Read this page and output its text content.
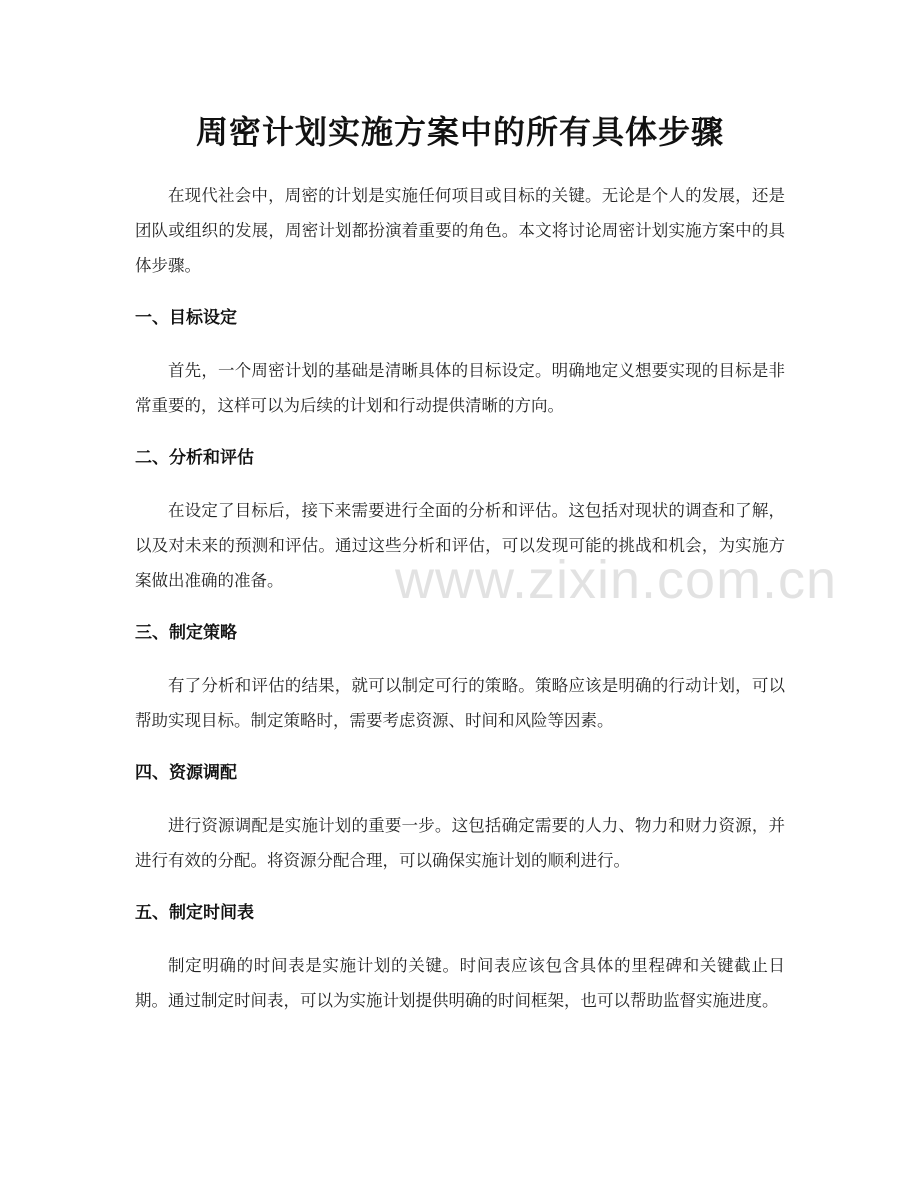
周密计划实施方案中的所有具体步骤

在现代社会中，周密的计划是实施任何项目或目标的关键。无论是个人的发展，还是团队或组织的发展，周密计划都扮演着重要的角色。本文将讨论周密计划实施方案中的具体步骤。

一、目标设定

首先，一个周密计划的基础是清晰具体的目标设定。明确地定义想要实现的目标是非常重要的，这样可以为后续的计划和行动提供清晰的方向。

二、分析和评估

在设定了目标后，接下来需要进行全面的分析和评估。这包括对现状的调查和了解，以及对未来的预测和评估。通过这些分析和评估，可以发现可能的挑战和机会，为实施方案做出准确的准备。

三、制定策略

有了分析和评估的结果，就可以制定可行的策略。策略应该是明确的行动计划，可以帮助实现目标。制定策略时，需要考虑资源、时间和风险等因素。

四、资源调配

进行资源调配是实施计划的重要一步。这包括确定需要的人力、物力和财力资源，并进行有效的分配。将资源分配合理，可以确保实施计划的顺利进行。

五、制定时间表

制定明确的时间表是实施计划的关键。时间表应该包含具体的里程碑和关键截止日期。通过制定时间表，可以为实施计划提供明确的时间框架，也可以帮助监督实施进度。

www.zixin.com.cn
